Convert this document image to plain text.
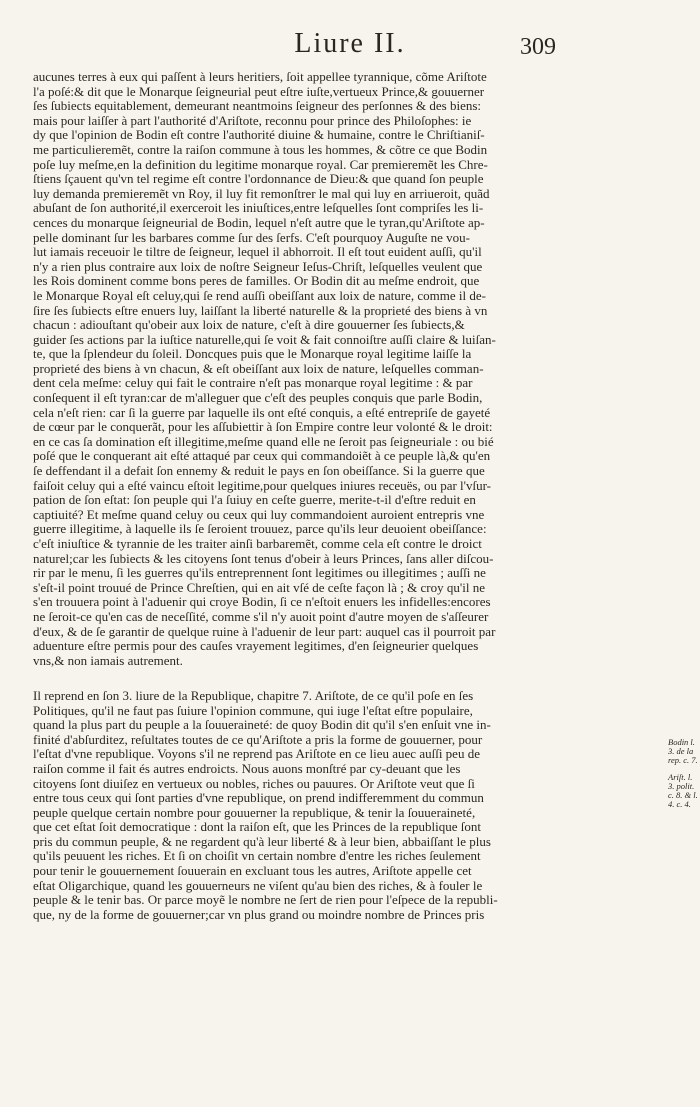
Liure II.	309
aucunes terres à eux qui paſſent à leurs heritiers, ſoit appellee tyrannique, cõme Ariſtote
l'a poſé:& dit que le Monarque ſeigneurial peut eſtre iuſte,vertueux Prince,& gouuerner
ſes ſubiects equitablement, demeurant neantmoins ſeigneur des perſonnes & des biens:
mais pour laiſſer à part l'authorité d'Ariſtote, reconnu pour prince des Philoſophes: ie
dy que l'opinion de Bodin eſt contre l'authorité diuine & humaine, contre le Chriſtianiſ-
me particulieremẽt, contre la raiſon commune à tous les hommes, & cõtre ce que Bodin
poſe luy meſme,en la definition du legitime monarque royal. Car premieremẽt les Chre-
ſtiens ſçauent qu'vn tel regime eſt contre l'ordonnance de Dieu:& que quand ſon peuple
luy demanda premieremẽt vn Roy, il luy fit remonſtrer le mal qui luy en arriueroit, quãd
abuſant de ſon authorité,il exerceroit les iniuſtices,entre leſquelles ſont compriſes les li-
cences du monarque ſeigneurial de Bodin, lequel n'eſt autre que le tyran,qu'Ariſtote ap-
pelle dominant ſur les barbares comme ſur des ſerfs. C'eſt pourquoy Auguſte ne vou-
lut iamais receuoir le tiltre de ſeigneur, lequel il abhorroit. Il eſt tout euident auſſi, qu'il
n'y a rien plus contraire aux loix de noſtre Seigneur Ieſus-Chriſt, leſquelles veulent que
les Rois dominent comme bons peres de familles. Or Bodin dit au meſme endroit, que
le Monarque Royal eſt celuy,qui ſe rend auſſi obeiſſant aux loix de nature, comme il de-
ſire ſes ſubiects eſtre enuers luy, laiſſant la liberté naturelle & la proprieté des biens à vn
chacun : adiouſtant qu'obeir aux loix de nature, c'eſt à dire gouuerner ſes ſubiects,&
guider ſes actions par la iuſtice naturelle,qui ſe voit & fait connoiſtre auſſi claire & luiſan-
te, que la ſplendeur du ſoleil. Doncques puis que le Monarque royal legitime laiſſe la
proprieté des biens à vn chacun, & eſt obeiſſant aux loix de nature, leſquelles comman-
dent cela meſme: celuy qui fait le contraire n'eſt pas monarque royal legitime : & par
conſequent il eſt tyran:car de m'alleguer que c'eſt des peuples conquis que parle Bodin,
cela n'eſt rien: car ſi la guerre par laquelle ils ont eſté conquis, a eſté entrepriſe de gayeté
de cœur par le conquerãt, pour les aſſubiettir à ſon Empire contre leur volonté & le droit:
en ce cas ſa domination eſt illegitime,meſme quand elle ne ſeroit pas ſeigneuriale : ou bié
poſé que le conquerant ait eſté attaqué par ceux qui commandoiẽt à ce peuple là,& qu'en
ſe deffendant il a defait ſon ennemy & reduit le pays en ſon obeiſſance. Si la guerre que
faiſoit celuy qui a eſté vaincu eſtoit legitime,pour quelques iniures receuës, ou par l'vſur-
pation de ſon eſtat: ſon peuple qui l'a ſuiuy en ceſte guerre, merite-t-il d'eſtre reduit en
captiuité? Et meſme quand celuy ou ceux qui luy commandoient auroient entrepris vne
guerre illegitime, à laquelle ils ſe ſeroient trouuez, parce qu'ils leur deuoient obeiſſance:
c'eſt iniuſtice & tyrannie de les traiter ainſi barbaremẽt, comme cela eſt contre le droict
naturel;car les ſubiects & les citoyens ſont tenus d'obeir à leurs Princes, ſans aller diſcou-
rir par le menu, ſi les guerres qu'ils entreprennent ſont legitimes ou illegitimes ; auſſi ne
s'eſt-il point trouué de Prince Chreſtien, qui en ait vſé de ceſte façon là ; & croy qu'il ne
s'en trouuera point à l'aduenir qui croye Bodin, ſi ce n'eſtoit enuers les infidelles:encores
ne ſeroit-ce qu'en cas de neceſſité, comme s'il n'y auoit point d'autre moyen de s'aſſeurer
d'eux, & de ſe garantir de quelque ruine à l'aduenir de leur part: auquel cas il pourroit par
aduenture eſtre permis pour des cauſes vrayement legitimes, d'en ſeigneurier quelques
vns,& non iamais autrement.
Il reprend en ſon 3. liure de la Republique, chapitre 7. Ariſtote, de ce qu'il poſe en ſes
Politiques, qu'il ne faut pas ſuiure l'opinion commune, qui iuge l'eſtat eſtre populaire,
quand la plus part du peuple a la ſouueraineté: de quoy Bodin dit qu'il s'en enſuit vne in-
finité d'abſurditez, reſultates toutes de ce qu'Ariſtote a pris la forme de gouuerner, pour
l'eſtat d'vne republique. Voyons s'il ne reprend pas Ariſtote en ce lieu auec auſſi peu de
raiſon comme il fait és autres endroicts. Nous auons monſtré par cy-deuant que les
citoyens ſont diuiſez en vertueux ou nobles, riches ou pauures. Or Ariſtote veut que ſi
entre tous ceux qui ſont parties d'vne republique, on prend indifferemment du commun
peuple quelque certain nombre pour gouuerner la republique, & tenir la ſouueraineté,
que cet eſtat ſoit democratique : dont la raiſon eſt, que les Princes de la republique ſont
pris du commun peuple, & ne regardent qu'à leur liberté & à leur bien, abbaiſſant le plus
qu'ils peuuent les riches. Et ſi on choiſit vn certain nombre d'entre les riches ſeulement
pour tenir le gouuernement ſouuerain en excluant tous les autres, Ariſtote appelle cet
eſtat Oligarchique, quand les gouuerneurs ne viſent qu'au bien des riches, & à fouler le
peuple & le tenir bas. Or parce moyẽ le nombre ne ſert de rien pour l'eſpece de la republi-
que, ny de la forme de gouuerner;car vn plus grand ou moindre nombre de Princes pris
Bodin l. 3. de la rep. c. 7.
Ariſt. l. 3. polit. c. 8. & l. 4. c. 4.
